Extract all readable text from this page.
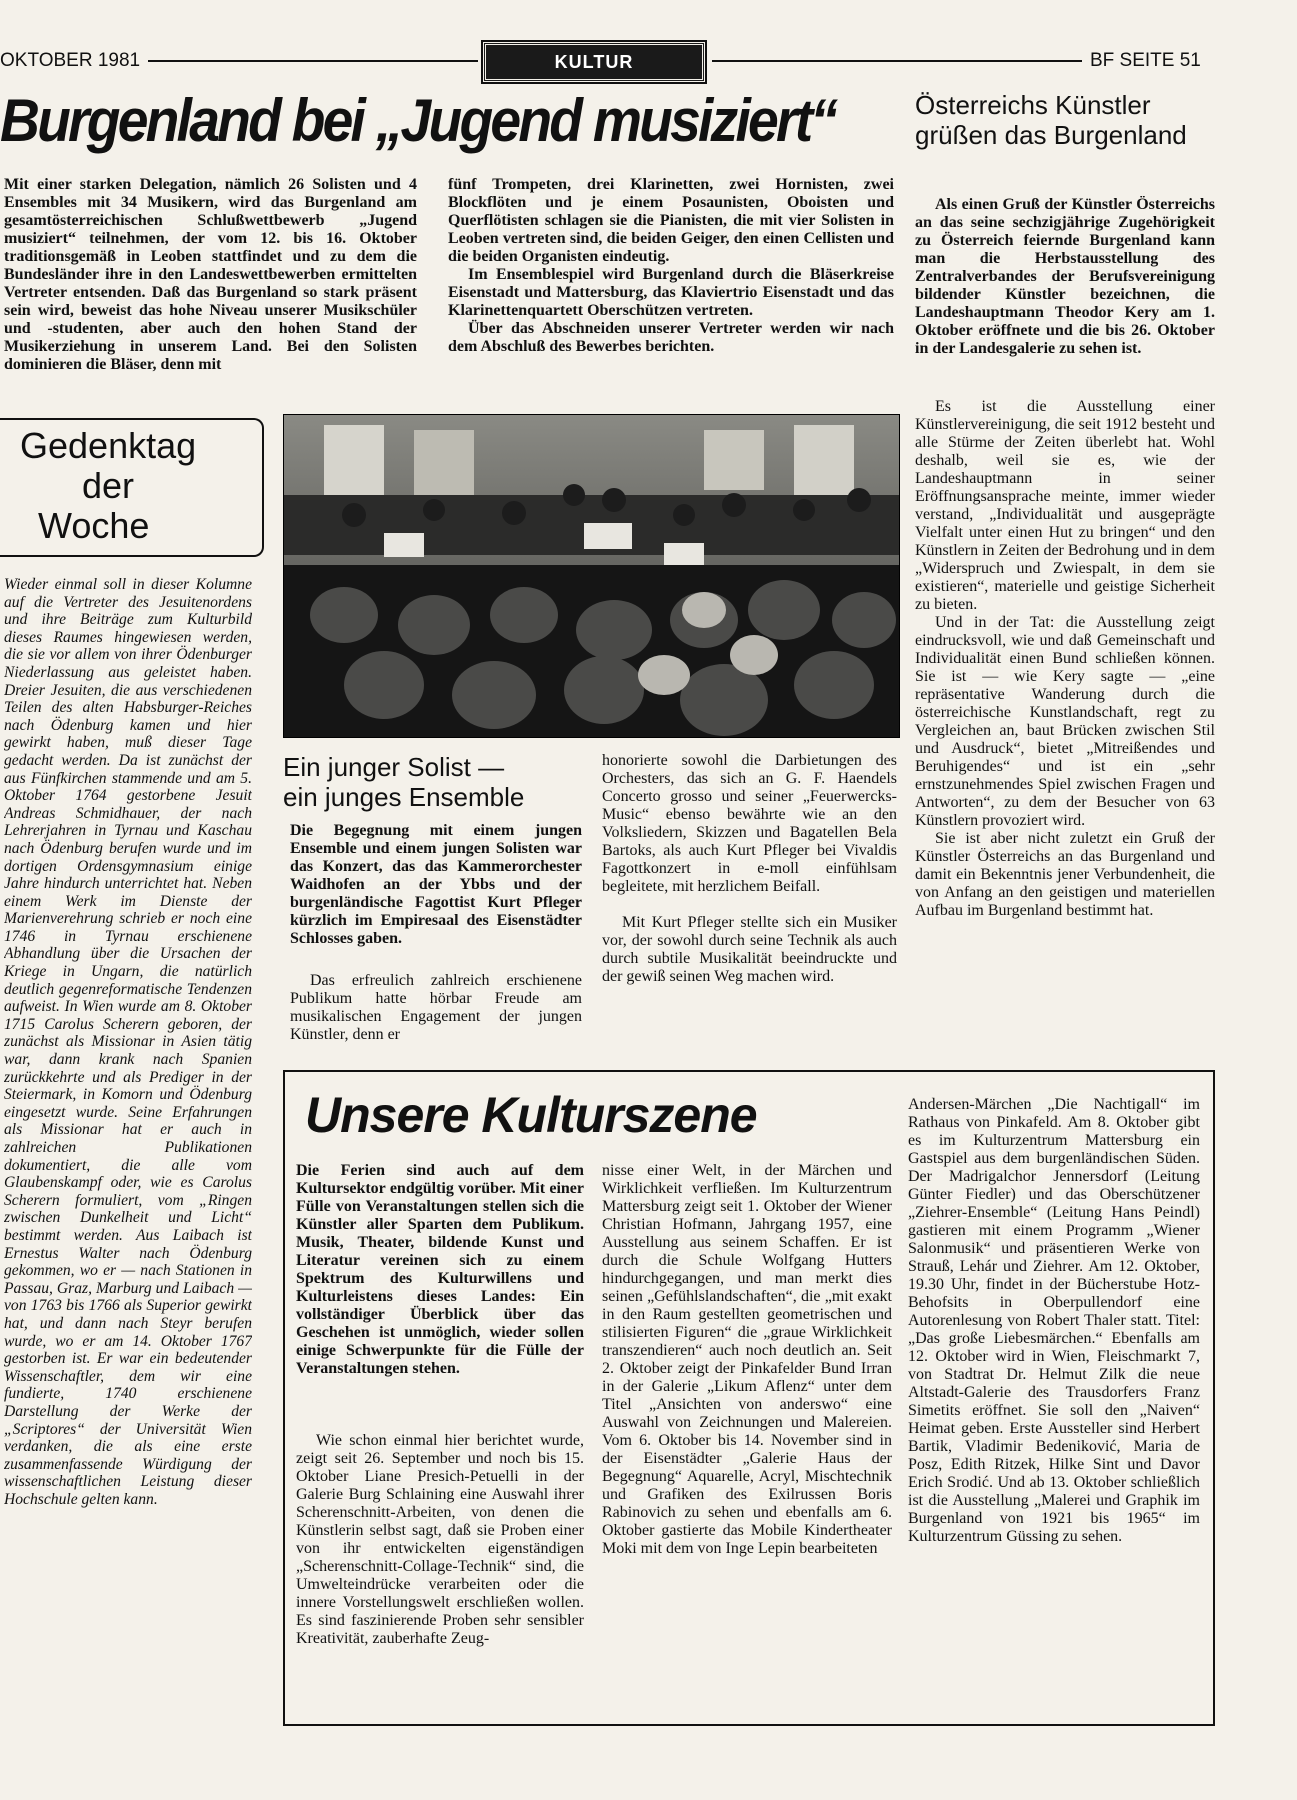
OKTOBER 1981	KULTUR	BF SEITE 51
Burgenland bei „Jugend musiziert“

Mit einer starken Delegation, nämlich 26 Solisten und 4 Ensembles mit 34 Musikern, wird das Burgenland am gesamtösterreichischen Schlußwettbewerb „Jugend musiziert“ teilnehmen, der vom 12. bis 16. Oktober traditionsgemäß in Leoben stattfindet und zu dem die Bundesländer ihre in den Landeswettbewerben ermittelten Vertreter entsenden. Daß das Burgenland so stark präsent sein wird, beweist das hohe Niveau unserer Musikschüler und -studenten, aber auch den hohen Stand der Musikerziehung in unserem Land. Bei den Solisten dominieren die Bläser, denn mit

fünf Trompeten, drei Klarinetten, zwei Hornisten, zwei Blockflöten und je einem Posaunisten, Oboisten und Querflötisten schlagen sie die Pianisten, die mit vier Solisten in Leoben vertreten sind, die beiden Geiger, den einen Cellisten und die beiden Organisten eindeutig.

Im Ensemblespiel wird Burgenland durch die Bläserkreise Eisenstadt und Mattersburg, das Klaviertrio Eisenstadt und das Klarinettenquartett Oberschützen vertreten.

Über das Abschneiden unserer Vertreter werden wir nach dem Abschluß des Bewerbes berichten.

Österreichs Künstler grüßen das Burgenland

Als einen Gruß der Künstler Österreichs an das seine sechzigjährige Zugehörigkeit zu Österreich feiernde Burgenland kann man die Herbstausstellung des Zentralverbandes der Berufsvereinigung bildender Künstler bezeichnen, die Landeshauptmann Theodor Kery am 1. Oktober eröffnete und die bis 26. Oktober in der Landesgalerie zu sehen ist.

Es ist die Ausstellung einer Künstlervereinigung, die seit 1912 besteht und alle Stürme der Zeiten überlebt hat. Wohl deshalb, weil sie es, wie der Landeshauptmann in seiner Eröffnungsansprache meinte, immer wieder verstand, „Individualität und ausgeprägte Vielfalt unter einen Hut zu bringen“ und den Künstlern in Zeiten der Bedrohung und in dem „Widerspruch und Zwiespalt, in dem sie existieren“, materielle und geistige Sicherheit zu bieten.

Und in der Tat: die Ausstellung zeigt eindrucksvoll, wie und daß Gemeinschaft und Individualität einen Bund schließen können. Sie ist — wie Kery sagte — „eine repräsentative Wanderung durch die österreichische Kunstlandschaft, regt zu Vergleichen an, baut Brücken zwischen Stil und Ausdruck“, bietet „Mitreißendes und Beruhigendes“ und ist ein „sehr ernstzunehmendes Spiel zwischen Fragen und Antworten“, zu dem der Besucher von 63 Künstlern provoziert wird.

Sie ist aber nicht zuletzt ein Gruß der Künstler Österreichs an das Burgenland und damit ein Bekenntnis jener Verbundenheit, die von Anfang an den geistigen und materiellen Aufbau im Burgenland bestimmt hat.

Gedenktag
der
Woche

Wieder einmal soll in dieser Kolumne auf die Vertreter des Jesuitenordens und ihre Beiträge zum Kulturbild dieses Raumes hingewiesen werden, die sie vor allem von ihrer Ödenburger Niederlassung aus geleistet haben. Dreier Jesuiten, die aus verschiedenen Teilen des alten Habsburger-Reiches nach Ödenburg kamen und hier gewirkt haben, muß dieser Tage gedacht werden. Da ist zunächst der aus Fünfkirchen stammende und am 5. Oktober 1764 gestorbene Jesuit Andreas Schmidhauer, der nach Lehrerjahren in Tyrnau und Kaschau nach Ödenburg berufen wurde und im dortigen Ordensgymnasium einige Jahre hindurch unterrichtet hat. Neben einem Werk im Dienste der Marienverehrung schrieb er noch eine 1746 in Tyrnau erschienene Abhandlung über die Ursachen der Kriege in Ungarn, die natürlich deutlich gegenreformatische Tendenzen aufweist. In Wien wurde am 8. Oktober 1715 Carolus Scherern geboren, der zunächst als Missionar in Asien tätig war, dann krank nach Spanien zurückkehrte und als Prediger in der Steiermark, in Komorn und Ödenburg eingesetzt wurde. Seine Erfahrungen als Missionar hat er auch in zahlreichen Publikationen dokumentiert, die alle vom Glaubenskampf oder, wie es Carolus Scherern formuliert, vom „Ringen zwischen Dunkelheit und Licht“ bestimmt werden. Aus Laibach ist Ernestus Walter nach Ödenburg gekommen, wo er — nach Stationen in Passau, Graz, Marburg und Laibach — von 1763 bis 1766 als Superior gewirkt hat, und dann nach Steyr berufen wurde, wo er am 14. Oktober 1767 gestorben ist. Er war ein bedeutender Wissenschaftler, dem wir eine fundierte, 1740 erschienene Darstellung der Werke der „Scriptores“ der Universität Wien verdanken, die als eine erste zusammenfassende Würdigung der wissenschaftlichen Leistung dieser Hochschule gelten kann.

Ein junger Solist —
ein junges Ensemble

Die Begegnung mit einem jungen Ensemble und einem jungen Solisten war das Konzert, das das Kammerorchester Waidhofen an der Ybbs und der burgenländische Fagottist Kurt Pfleger kürzlich im Empiresaal des Eisenstädter Schlosses gaben.

Das erfreulich zahlreich erschienene Publikum hatte hörbar Freude am musikalischen Engagement der jungen Künstler, denn er

honorierte sowohl die Darbietungen des Orchesters, das sich an G. F. Haendels Concerto grosso und seiner „Feuerwercks-Music“ ebenso bewährte wie an den Volksliedern, Skizzen und Bagatellen Bela Bartoks, als auch Kurt Pfleger bei Vivaldis Fagottkonzert in e-moll einfühlsam begleitete, mit herzlichem Beifall.

Mit Kurt Pfleger stellte sich ein Musiker vor, der sowohl durch seine Technik als auch durch subtile Musikalität beeindruckte und der gewiß seinen Weg machen wird.

Unsere Kulturszene

Die Ferien sind auch auf dem Kultursektor endgültig vorüber. Mit einer Fülle von Veranstaltungen stellen sich die Künstler aller Sparten dem Publikum. Musik, Theater, bildende Kunst und Literatur vereinen sich zu einem Spektrum des Kulturwillens und Kulturleistens dieses Landes: Ein vollständiger Überblick über das Geschehen ist unmöglich, wieder sollen einige Schwerpunkte für die Fülle der Veranstaltungen stehen.

Wie schon einmal hier berichtet wurde, zeigt seit 26. September und noch bis 15. Oktober Liane Presich-Petuelli in der Galerie Burg Schlaining eine Auswahl ihrer Scherenschnitt-Arbeiten, von denen die Künstlerin selbst sagt, daß sie Proben einer von ihr entwickelten eigenständigen „Scherenschnitt-Collage-Technik“ sind, die Umwelteindrücke verarbeiten oder die innere Vorstellungswelt erschließen wollen. Es sind faszinierende Proben sehr sensibler Kreativität, zauberhafte Zeug-

nisse einer Welt, in der Märchen und Wirklichkeit verfließen. Im Kulturzentrum Mattersburg zeigt seit 1. Oktober der Wiener Christian Hofmann, Jahrgang 1957, eine Ausstellung aus seinem Schaffen. Er ist durch die Schule Wolfgang Hutters hindurchgegangen, und man merkt dies seinen „Gefühlslandschaften“, die „mit exakt in den Raum gestellten geometrischen und stilisierten Figuren“ die „graue Wirklichkeit transzendieren“ auch noch deutlich an. Seit 2. Oktober zeigt der Pinkafelder Bund Irran in der Galerie „Likum Aflenz“ unter dem Titel „Ansichten von anderswo“ eine Auswahl von Zeichnungen und Malereien. Vom 6. Oktober bis 14. November sind in der Eisenstädter „Galerie Haus der Begegnung“ Aquarelle, Acryl, Mischtechnik und Grafiken des Exilrussen Boris Rabinovich zu sehen und ebenfalls am 6. Oktober gastierte das Mobile Kindertheater Moki mit dem von Inge Lepin bearbeiteten

Andersen-Märchen „Die Nachtigall“ im Rathaus von Pinkafeld. Am 8. Oktober gibt es im Kulturzentrum Mattersburg ein Gastspiel aus dem burgenländischen Süden. Der Madrigalchor Jennersdorf (Leitung Günter Fiedler) und das Oberschützener „Ziehrer-Ensemble“ (Leitung Hans Peindl) gastieren mit einem Programm „Wiener Salonmusik“ und präsentieren Werke von Strauß, Lehár und Ziehrer. Am 12. Oktober, 19.30 Uhr, findet in der Bücherstube Hotz-Behofsits in Oberpullendorf eine Autorenlesung von Robert Thaler statt. Titel: „Das große Liebesmärchen.“ Ebenfalls am 12. Oktober wird in Wien, Fleischmarkt 7, von Stadtrat Dr. Helmut Zilk die neue Altstadt-Galerie des Trausdorfers Franz Simetits eröffnet. Sie soll den „Naiven“ Heimat geben. Erste Aussteller sind Herbert Bartik, Vladimir Bedeniković, Maria de Posz, Edith Ritzek, Hilke Sint und Davor Erich Srodić. Und ab 13. Oktober schließlich ist die Ausstellung „Malerei und Graphik im Burgenland von 1921 bis 1965“ im Kulturzentrum Güssing zu sehen.
